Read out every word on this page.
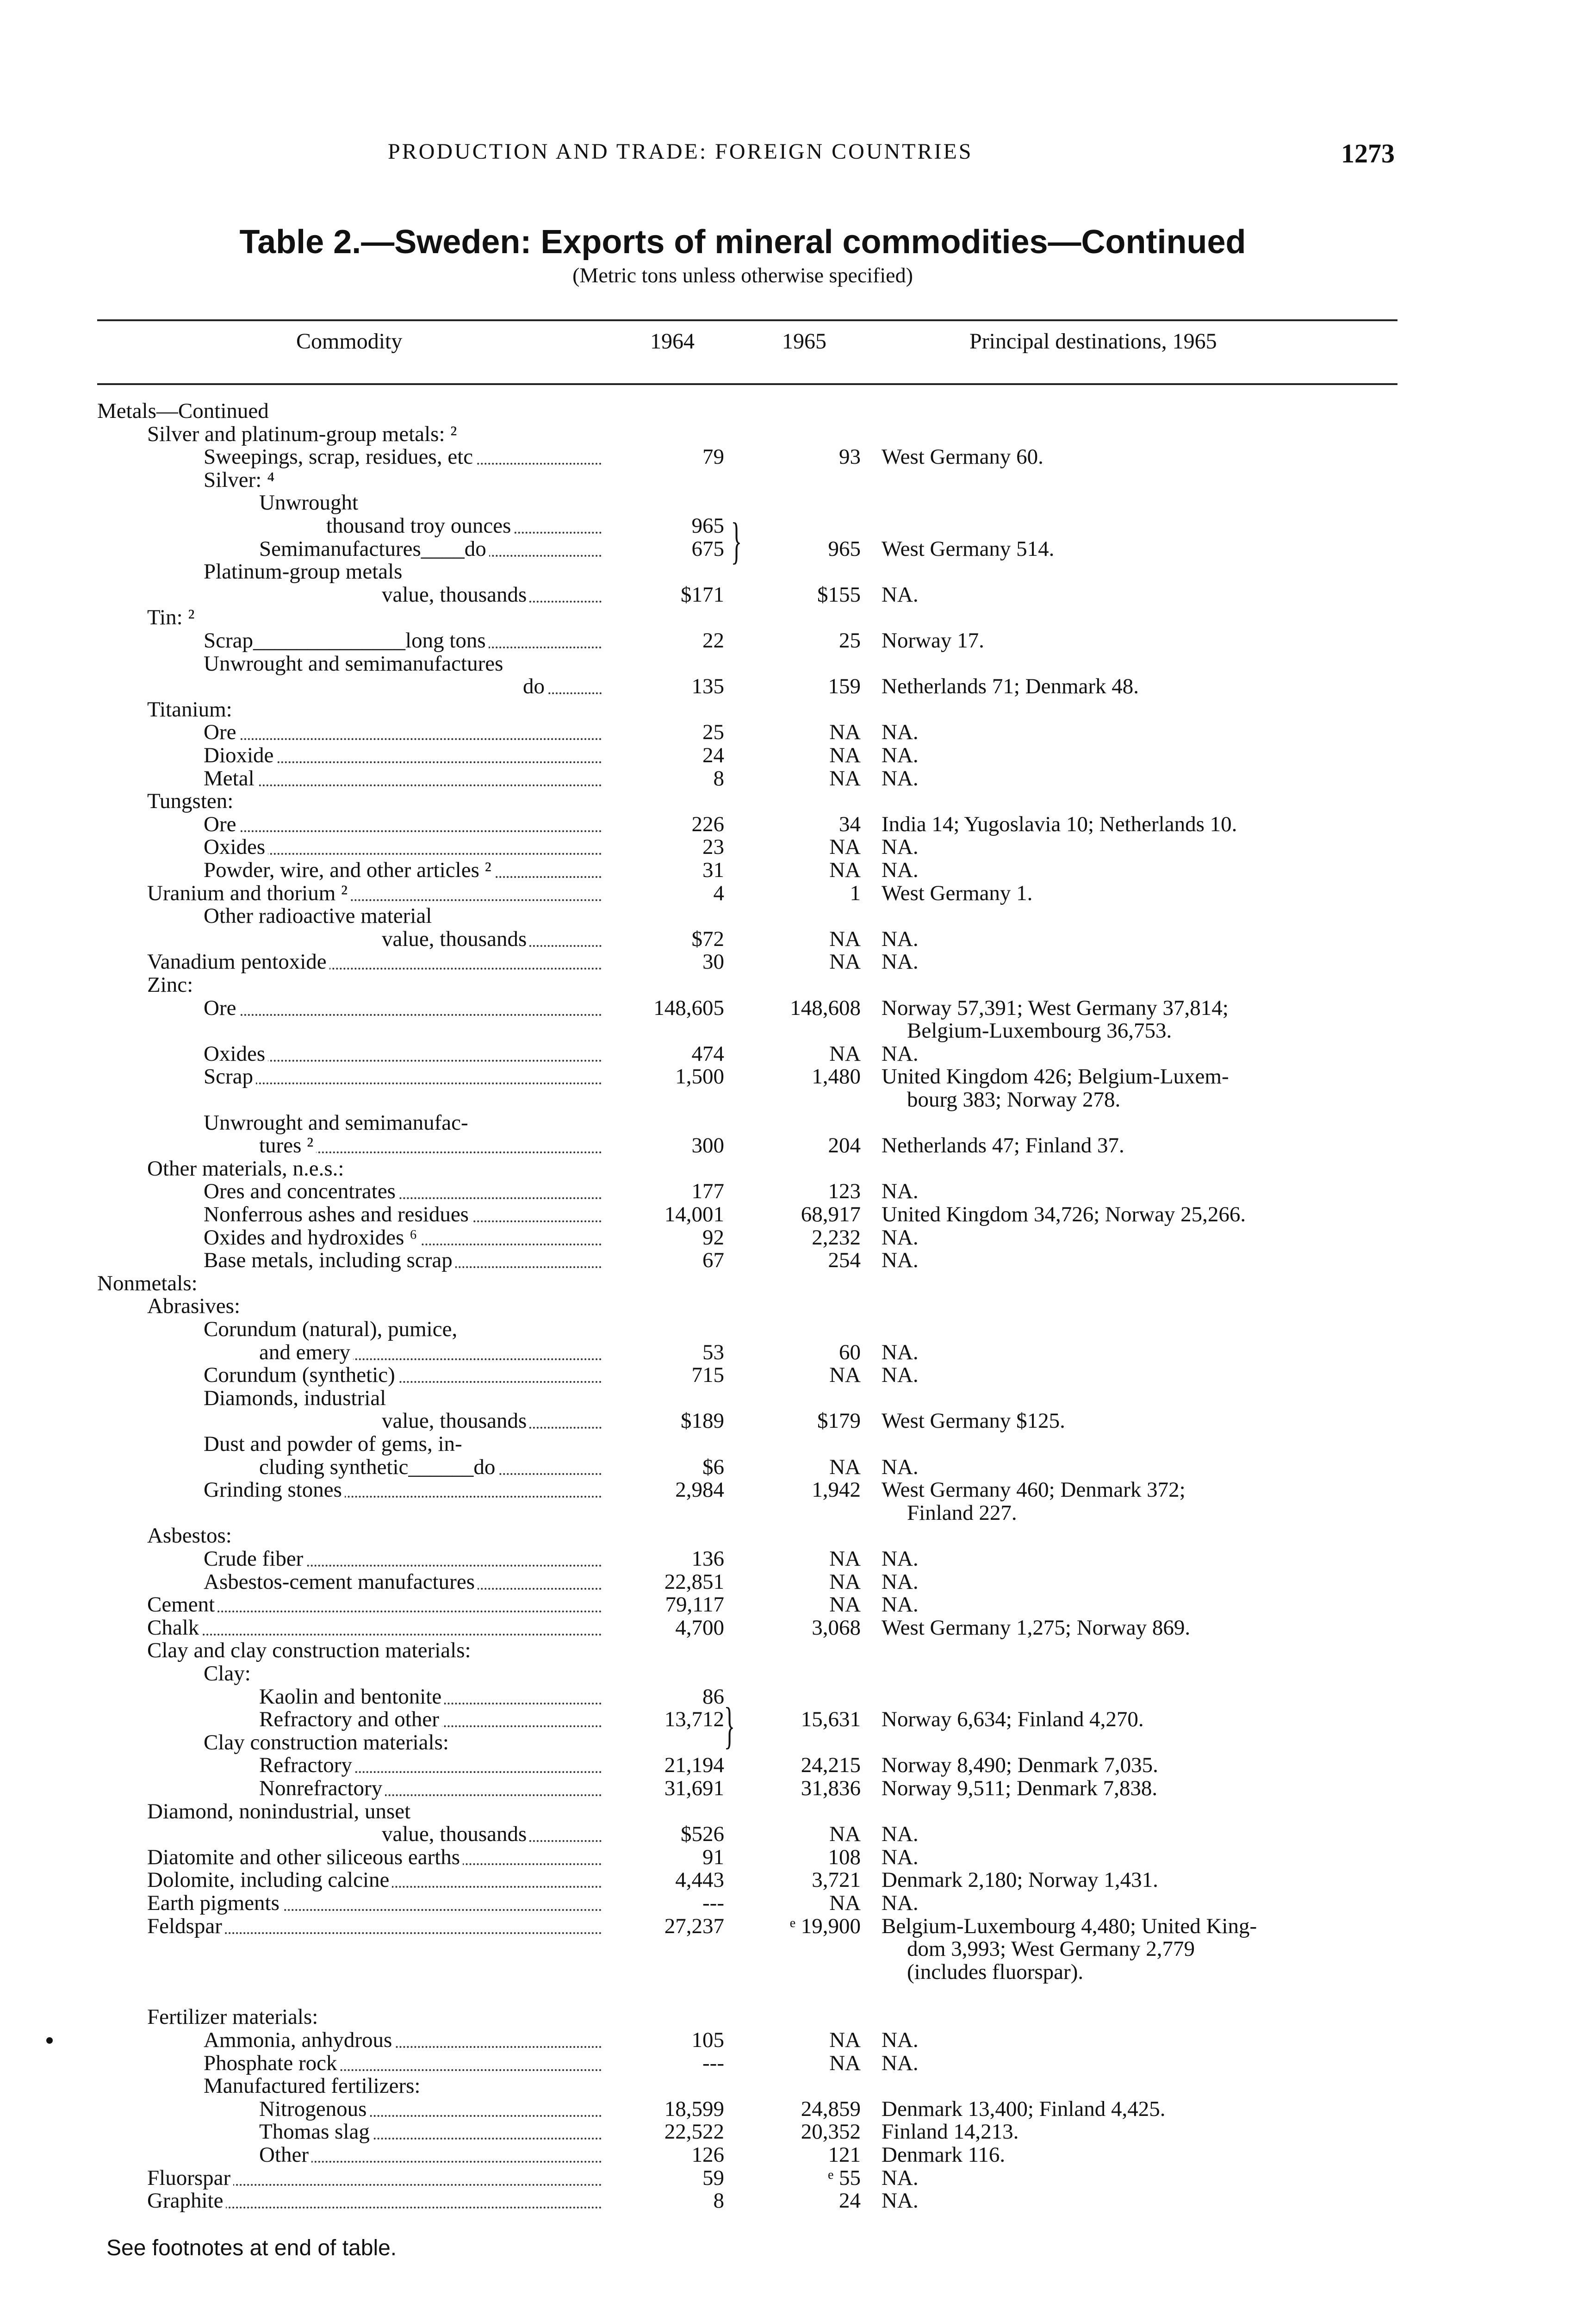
PRODUCTION AND TRADE: FOREIGN COUNTRIES	1273
Table 2.—Sweden: Exports of mineral commodities—Continued
(Metric tons unless otherwise specified)
Commodity	1964	1965	Principal destinations, 1965
Metals—Continued
Silver and platinum-group metals: ²
Sweepings, scrap, residues, etc	79	93 West Germany 60.
Silver: ⁴
Unwrought
thousand troy ounces	965
Semimanufactures____do	675	965 West Germany 514.
Platinum-group metals
value, thousands	$171	$155 NA.
Tin: ²
Scrap______________long tons	22	25 Norway 17.
Unwrought and semimanufactures
do	135	159 Netherlands 71; Denmark 48.
Titanium:
Ore	25	NA NA.
Dioxide	24	NA NA.
Metal	8	NA NA.
Tungsten:
Ore	226	34 India 14; Yugoslavia 10; Netherlands 10.
Oxides	23	NA NA.
Powder, wire, and other articles ²	31	NA NA.
Uranium and thorium ²	4	1 West Germany 1.
Other radioactive material
value, thousands	$72	NA NA.
Vanadium pentoxide	30	NA NA.
Zinc:
Ore	148,605	148,608 Norway 57,391; West Germany 37,814;
Belgium-Luxembourg 36,753.
Oxides	474	NA NA.
Scrap	1,500	1,480 United Kingdom 426; Belgium-Luxem-
bourg 383; Norway 278.
Unwrought and semimanufac-
tures ²	300	204 Netherlands 47; Finland 37.
Other materials, n.e.s.:
Ores and concentrates	177	123 NA.
Nonferrous ashes and residues	14,001	68,917 United Kingdom 34,726; Norway 25,266.
Oxides and hydroxides ⁶	92	2,232 NA.
Base metals, including scrap	67	254 NA.
Nonmetals:
Abrasives:
Corundum (natural), pumice,
and emery	53	60 NA.
Corundum (synthetic)	715	NA NA.
Diamonds, industrial
value, thousands	$189	$179 West Germany $125.
Dust and powder of gems, in-
cluding synthetic______do	$6	NA NA.
Grinding stones	2,984	1,942 West Germany 460; Denmark 372;
Finland 227.
Asbestos:
Crude fiber	136	NA NA.
Asbestos-cement manufactures	22,851	NA NA.
Cement	79,117	NA NA.
Chalk	4,700	3,068 West Germany 1,275; Norway 869.
Clay and clay construction materials:
Clay:
Kaolin and bentonite	86
Refractory and other	13,712	15,631 Norway 6,634; Finland 4,270.
Clay construction materials:
Refractory	21,194	24,215 Norway 8,490; Denmark 7,035.
Nonrefractory	31,691	31,836 Norway 9,511; Denmark 7,838.
Diamond, nonindustrial, unset
value, thousands	$526	NA NA.
Diatomite and other siliceous earths	91	108 NA.
Dolomite, including calcine	4,443	3,721 Denmark 2,180; Norway 1,431.
Earth pigments	---	NA NA.
Feldspar	27,237	ᵉ 19,900 Belgium-Luxembourg 4,480; United King-
dom 3,993; West Germany 2,779
(includes fluorspar).
Fertilizer materials:
Ammonia, anhydrous	105	NA NA.
Phosphate rock	---	NA NA.
Manufactured fertilizers:
Nitrogenous	18,599	24,859 Denmark 13,400; Finland 4,425.
Thomas slag	22,522	20,352 Finland 14,213.
Other	126	121 Denmark 116.
Fluorspar	59	ᵉ 55 NA.
Graphite	8	24 NA.
}
}
See footnotes at end of table.
